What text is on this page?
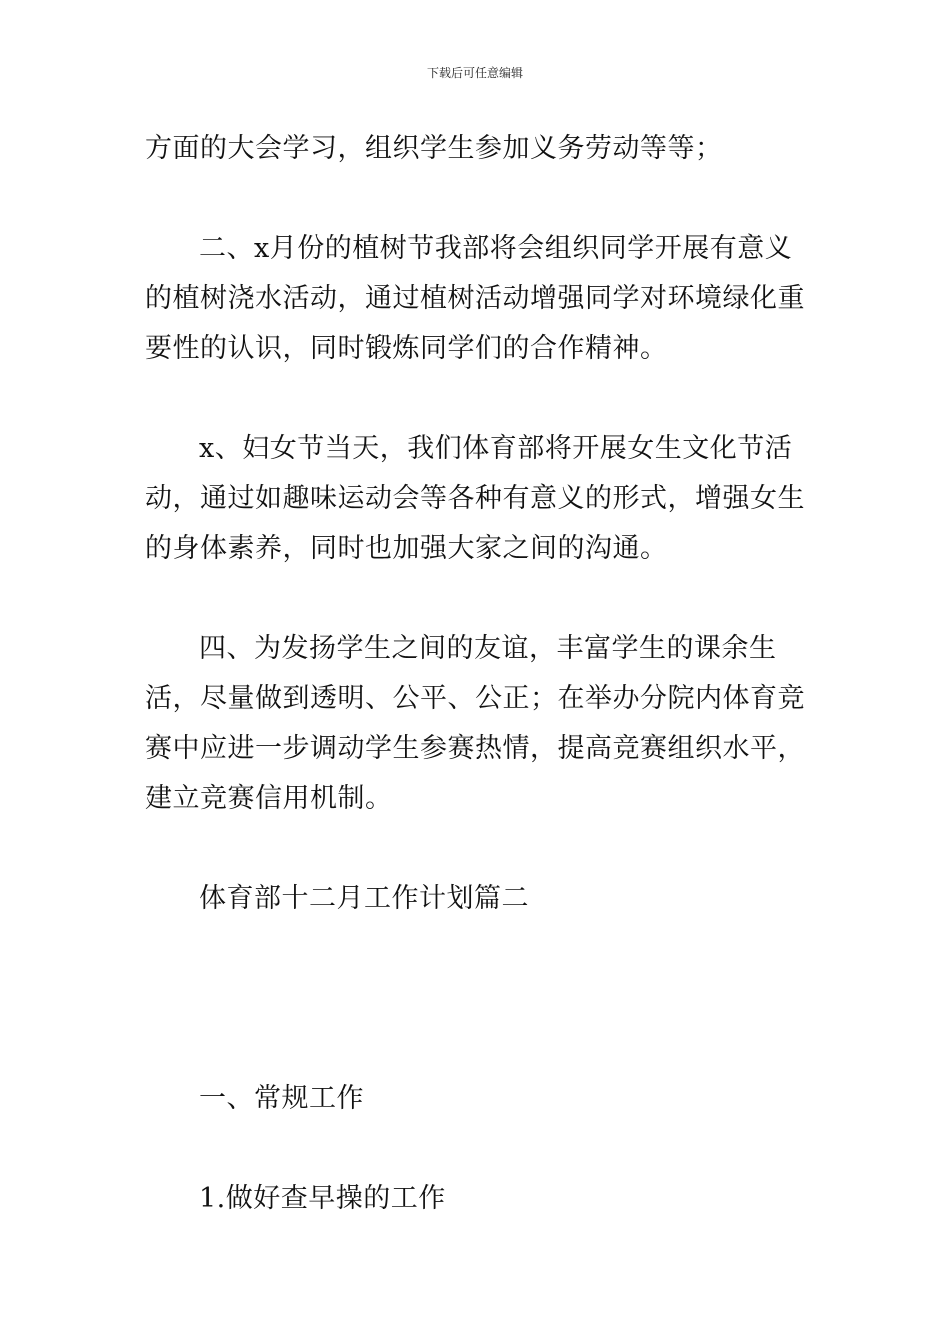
下载后可任意编辑

方面的大会学习，组织学生参加义务劳动等等；

二、x月份的植树节我部将会组织同学开展有意义的植树浇水活动，通过植树活动增强同学对环境绿化重要性的认识，同时锻炼同学们的合作精神。

x、妇女节当天，我们体育部将开展女生文化节活动，通过如趣味运动会等各种有意义的形式，增强女生的身体素养，同时也加强大家之间的沟通。

四、为发扬学生之间的友谊，丰富学生的课余生活，尽量做到透明、公平、公正；在举办分院内体育竞赛中应进一步调动学生参赛热情，提高竞赛组织水平，建立竞赛信用机制。

体育部十二月工作计划篇二

一、常规工作

1.做好查早操的工作
